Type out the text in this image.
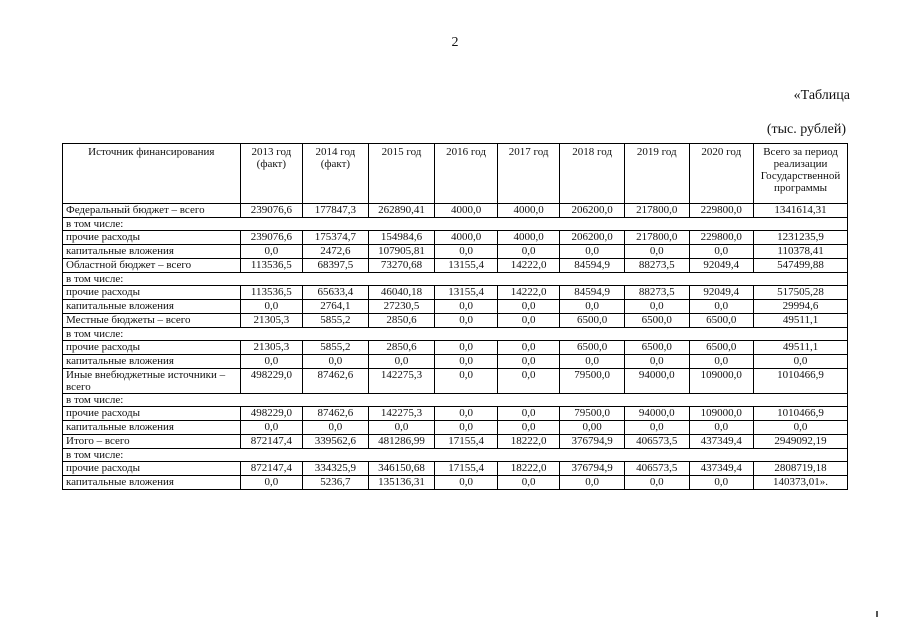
2
«Таблица
(тыс. рублей)
Источник финансирования	2013 год (факт)	2014 год (факт)	2015 год	2016 год	2017 год	2018 год	2019 год	2020 год	Всего за период реализации Государственной программы
Федеральный бюджет – всего	239076,6	177847,3	262890,41	4000,0	4000,0	206200,0	217800,0	229800,0	1341614,31
в том числе:									
прочие расходы	239076,6	175374,7	154984,6	4000,0	4000,0	206200,0	217800,0	229800,0	1231235,9
капитальные вложения	0,0	2472,6	107905,81	0,0	0,0	0,0	0,0	0,0	110378,41
Областной бюджет – всего	113536,5	68397,5	73270,68	13155,4	14222,0	84594,9	88273,5	92049,4	547499,88
в том числе:									
прочие расходы	113536,5	65633,4	46040,18	13155,4	14222,0	84594,9	88273,5	92049,4	517505,28
капитальные вложения	0,0	2764,1	27230,5	0,0	0,0	0,0	0,0	0,0	29994,6
Местные бюджеты – всего	21305,3	5855,2	2850,6	0,0	0,0	6500,0	6500,0	6500,0	49511,1
в том числе:									
прочие расходы	21305,3	5855,2	2850,6	0,0	0,0	6500,0	6500,0	6500,0	49511,1
капитальные вложения	0,0	0,0	0,0	0,0	0,0	0,0	0,0	0,0	0,0
Иные внебюджетные источники – всего	498229,0	87462,6	142275,3	0,0	0,0	79500,0	94000,0	109000,0	1010466,9
в том числе:									
прочие расходы	498229,0	87462,6	142275,3	0,0	0,0	79500,0	94000,0	109000,0	1010466,9
капитальные вложения	0,0	0,0	0,0	0,0	0,0	0,00	0,0	0,0	0,0
Итого – всего	872147,4	339562,6	481286,99	17155,4	18222,0	376794,9	406573,5	437349,4	2949092,19
в том числе:									
прочие расходы	872147,4	334325,9	346150,68	17155,4	18222,0	376794,9	406573,5	437349,4	2808719,18
капитальные вложения	0,0	5236,7	135136,31	0,0	0,0	0,0	0,0	0,0	140373,01».
